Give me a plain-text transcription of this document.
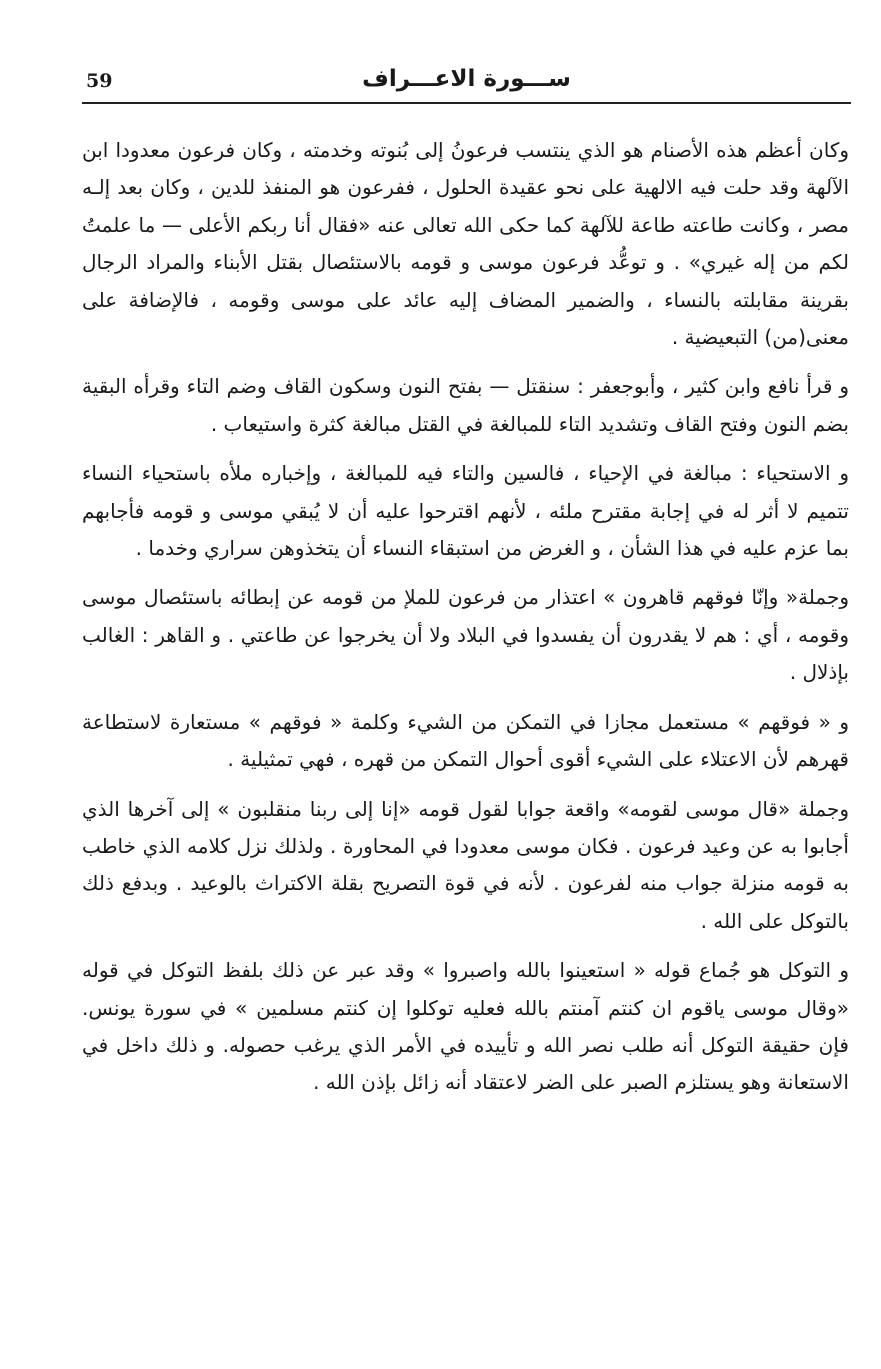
59	ســـورة الاعـــراف

وكان أعظم هذه الأصنام هو الذي ينتسب فرعونُ إلى بُنوته وخدمته ، وكان فرعون معدودا ابن الآلهة وقد حلت فيه الالهية على نحو عقيدة الحلول ، ففرعون هو المنفذ للدين ، وكان بعد إلـه مصر ، وكانت طاعته طاعة للآلهة كما حكى الله تعالى عنه «فقال أنا ربكم الأعلى — ما علمتُ لكم من إله غيري» . و توعُّد فرعون موسى و قومه بالاستئصال بقتل الأبناء والمراد الرجال بقرينة مقابلته بالنساء ، والضمير المضاف إليه عائد على موسى وقومه ، فالإضافة على معنى(من) التبعيضية .

و قرأ نافع وابن كثير ، وأبوجعفر : سنقتل — بفتح النون وسكون القاف وضم التاء وقرأه البقية بضم النون وفتح القاف وتشديد التاء للمبالغة في القتل مبالغة كثرة واستيعاب .

و الاستحياء : مبالغة في الإحياء ، فالسين والتاء فيه للمبالغة ، وإخباره ملأه باستحياء النساء تتميم لا أثر له في إجابة مقترح ملئه ، لأنهم اقترحوا عليه أن لا يُبقي موسى و قومه فأجابهم بما عزم عليه في هذا الشأن ، و الغرض من استبقاء النساء أن يتخذوهن سراري وخدما .

وجملة« وإنّا فوقهم قاهرون » اعتذار من فرعون للملإ من قومه عن إبطائه باستئصال موسى وقومه ، أي : هم لا يقدرون أن يفسدوا في البلاد ولا أن يخرجوا عن طاعتي . و القاهر : الغالب بإذلال .

و « فوقهم » مستعمل مجازا في التمكن من الشيء وكلمة « فوقهم » مستعارة لاستطاعة قهرهم لأن الاعتلاء على الشيء أقوى أحوال التمكن من قهره ، فهي تمثيلية .

وجملة «قال موسى لقومه» واقعة جوابا لقول قومه «إنا إلى ربنا منقلبون » إلى آخرها الذي أجابوا به عن وعيد فرعون . فكان موسى معدودا في المحاورة . ولذلك نزل كلامه الذي خاطب به قومه منزلة جواب منه لفرعون . لأنه في قوة التصريح بقلة الاكتراث بالوعيد . وبدفع ذلك بالتوكل على الله .

و التوكل هو جُماع قوله « استعينوا بالله واصبروا » وقد عبر عن ذلك بلفظ التوكل في قوله «وقال موسى ياقوم ان كنتم آمنتم بالله فعليه توكلوا إن كنتم مسلمين » في سورة يونس. فإن حقيقة التوكل أنه طلب نصر الله و تأييده في الأمر الذي يرغب حصوله. و ذلك داخل في الاستعانة وهو يستلزم الصبر على الضر لاعتقاد أنه زائل بإذن الله .
